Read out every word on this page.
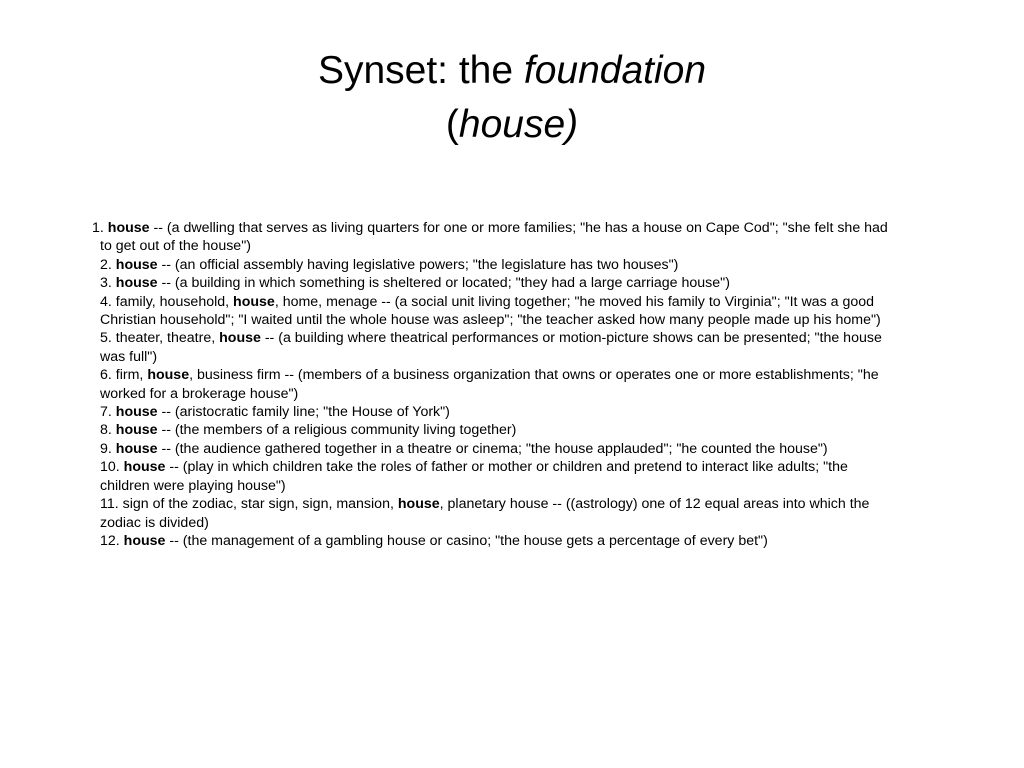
Synset: the foundation
(house)

1. house -- (a dwelling that serves as living quarters for one or more families; "he has a house on Cape Cod"; "she felt she had to get out of the house")

2. house -- (an official assembly having legislative powers; "the legislature has two houses")

3. house -- (a building in which something is sheltered or located; "they had a large carriage house")

4. family, household, house, home, menage -- (a social unit living together; "he moved his family to Virginia"; "It was a good Christian household"; "I waited until the whole house was asleep"; "the teacher asked how many people made up his home")

5. theater, theatre, house -- (a building where theatrical performances or motion-picture shows can be presented; "the house was full")

6. firm, house, business firm -- (members of a business organization that owns or operates one or more establishments; "he worked for a brokerage house")

7. house -- (aristocratic family line; "the House of York")

8. house -- (the members of a religious community living together)

9. house -- (the audience gathered together in a theatre or cinema; "the house applauded"; "he counted the house")

10. house -- (play in which children take the roles of father or mother or children and pretend to interact like adults; "the children were playing house")

11. sign of the zodiac, star sign, sign, mansion, house, planetary house -- ((astrology) one of 12 equal areas into which the zodiac is divided)

12. house -- (the management of a gambling house or casino; "the house gets a percentage of every bet")
